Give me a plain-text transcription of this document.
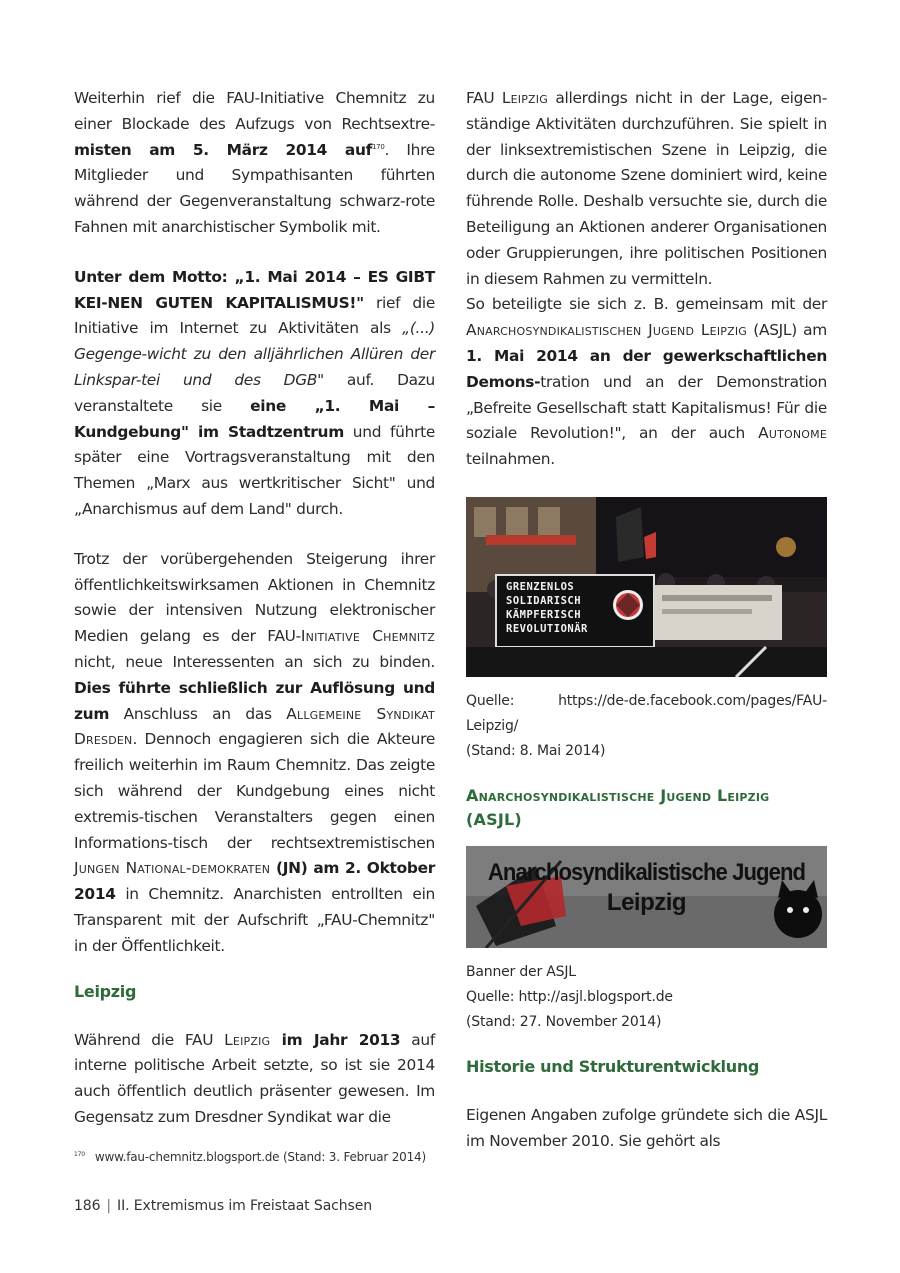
Weiterhin rief die FAU-Initiative Chemnitz zu einer Blockade des Aufzugs von Rechtsextre- misten am 5. März 2014 auf$^{170}$. Ihre Mitglieder und Sympathisanten führten während der Gegenveranstaltung schwarz-rote Fahnen mit anarchistischer Symbolik mit.

Unter dem Motto: „1. Mai 2014 – ES GIBT KEI-NEN GUTEN KAPITALISMUS!" rief die Initiative im Internet zu Aktivitäten als „(...) Gegenge-wicht zu den alljährlichen Allüren der Linkspar-tei und des DGB" auf. Dazu veranstaltete sie eine „1. Mai – Kundgebung" im Stadtzentrum und führte später eine Vortragsveranstaltung mit den Themen „Marx aus wertkritischer Sicht" und „Anarchismus auf dem Land" durch.

Trotz der vorübergehenden Steigerung ihrer öffentlichkeitswirksamen Aktionen in Chemnitz sowie der intensiven Nutzung elektronischer Medien gelang es der FAU-Initiative Chemnitz nicht, neue Interessenten an sich zu binden. Dies führte schließlich zur Auflösung und zum Anschluss an das Allgemeine Syndikat Dresden. Dennoch engagieren sich die Akteure freilich weiterhin im Raum Chemnitz. Das zeigte sich während der Kundgebung eines nicht extremis-tischen Veranstalters gegen einen Informations-tisch der rechtsextremistischen Jungen National-demokraten (JN) am 2. Oktober 2014 in Chemnitz. Anarchisten entrollten ein Transparent mit der Aufschrift „FAU-Chemnitz" in der Öffentlichkeit.

Leipzig

Während die FAU Leipzig im Jahr 2013 auf interne politische Arbeit setzte, so ist sie 2014 auch öffentlich deutlich präsenter gewesen. Im Gegensatz zum Dresdner Syndikat war die

FAU Leipzig allerdings nicht in der Lage, eigen-ständige Aktivitäten durchzuführen. Sie spielt in der linksextremistischen Szene in Leipzig, die durch die autonome Szene dominiert wird, keine führende Rolle. Deshalb versuchte sie, durch die Beteiligung an Aktionen anderer Organisationen oder Gruppierungen, ihre politischen Positionen in diesem Rahmen zu vermitteln.

So beteiligte sie sich z. B. gemeinsam mit der Anarchosyndikalistischen Jugend Leipzig (ASJL) am 1. Mai 2014 an der gewerkschaftlichen Demons-tration und an der Demonstration „Befreite Gesellschaft statt Kapitalismus! Für die soziale Revolution!", an der auch Autonome teilnahmen.

GRENZENLOS
SOLIDARISCH
KÄMPFERISCH
REVOLUTIONÄR

Quelle: https://de-de.facebook.com/pages/FAU-Leipzig/

(Stand: 8. Mai 2014)

Anarchosyndikalistische Jugend Leipzig (ASJL)
Anarchosyndikalistische Jugend
Leipzig

Banner der ASJL

Quelle: http://asjl.blogsport.de

(Stand: 27. November 2014)

Historie und Strukturentwicklung

Eigenen Angaben zufolge gründete sich die ASJL im November 2010. Sie gehört als

$^{170}$ www.fau-chemnitz.blogsport.de (Stand: 3. Februar 2014)
186 | II. Extremismus im Freistaat Sachsen
